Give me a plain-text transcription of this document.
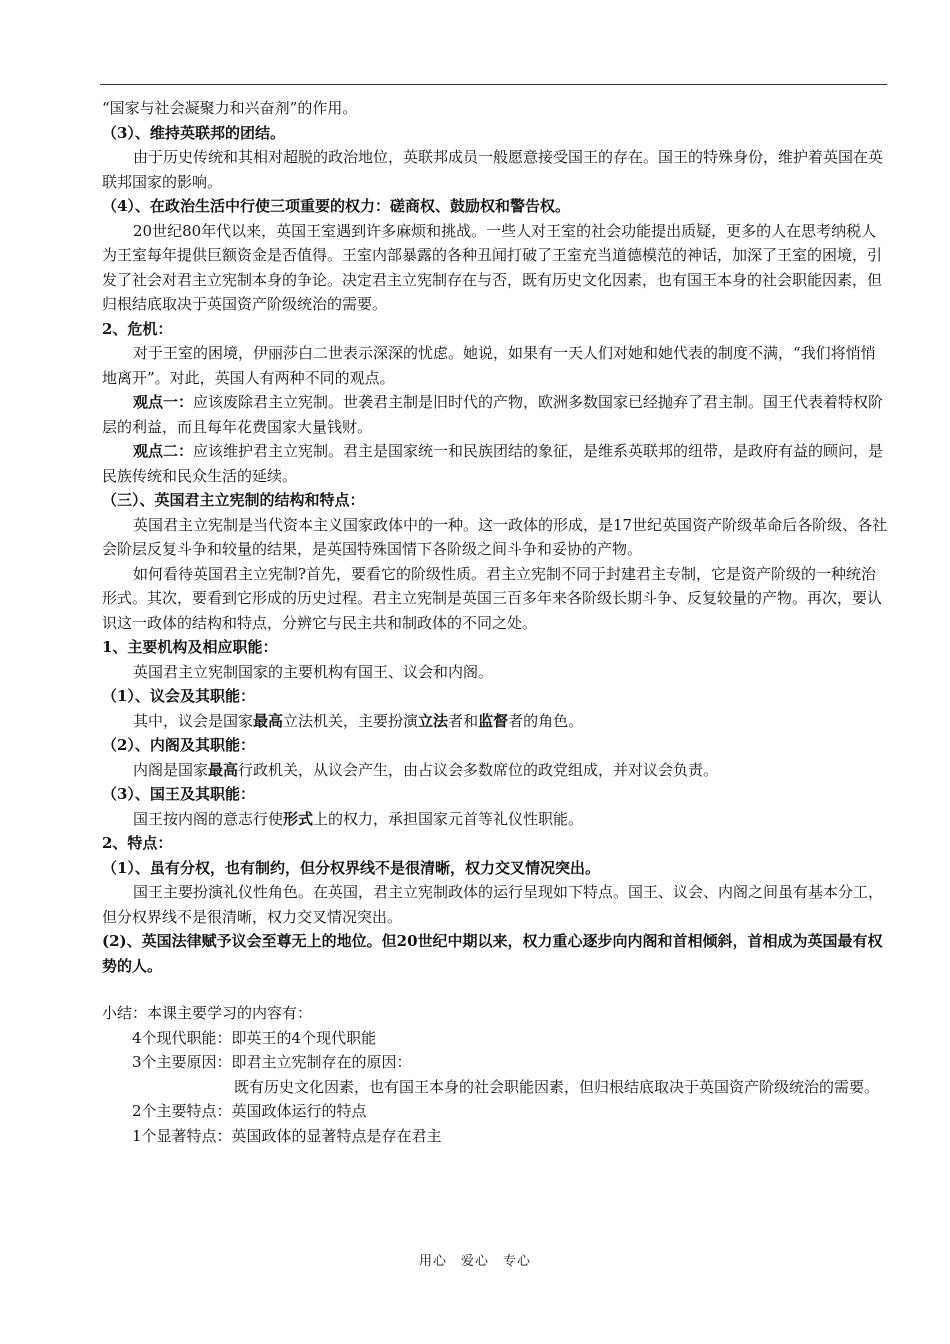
“国家与社会凝聚力和兴奋剂”的作用。
（3）、维持英联邦的团结。
由于历史传统和其相对超脱的政治地位，英联邦成员一般愿意接受国王的存在。国王的特殊身份，维护着英国在英联邦国家的影响。
（4）、在政治生活中行使三项重要的权力：磋商权、鼓励权和警告权。
20世纪80年代以来，英国王室遇到许多麻烦和挑战。一些人对王室的社会功能提出质疑，更多的人在思考纳税人为王室每年提供巨额资金是否值得。王室内部暴露的各种丑闻打破了王室充当道德模范的神话，加深了王室的困境，引发了社会对君主立宪制本身的争论。决定君主立宪制存在与否，既有历史文化因素，也有国王本身的社会职能因素，但归根结底取决于英国资产阶级统治的需要。
2、危机：
对于王室的困境，伊丽莎白二世表示深深的忧虑。她说，如果有一天人们对她和她代表的制度不满，“我们将悄悄地离开”。对此，英国人有两种不同的观点。
观点一：应该废除君主立宪制。世袭君主制是旧时代的产物，欧洲多数国家已经抛弃了君主制。国王代表着特权阶层的利益，而且每年花费国家大量钱财。
观点二：应该维护君主立宪制。君主是国家统一和民族团结的象征，是维系英联邦的纽带，是政府有益的顾问，是民族传统和民众生活的延续。
（三）、英国君主立宪制的结构和特点：
英国君主立宪制是当代资本主义国家政体中的一种。这一政体的形成，是17世纪英国资产阶级革命后各阶级、各社会阶层反复斗争和较量的结果，是英国特殊国情下各阶级之间斗争和妥协的产物。
如何看待英国君主立宪制?首先，要看它的阶级性质。君主立宪制不同于封建君主专制，它是资产阶级的一种统治形式。其次，要看到它形成的历史过程。君主立宪制是英国三百多年来各阶级长期斗争、反复较量的产物。再次，要认识这一政体的结构和特点，分辨它与民主共和制政体的不同之处。
1、主要机构及相应职能：
英国君主立宪制国家的主要机构有国王、议会和内阁。
（1）、议会及其职能：
其中，议会是国家最高立法机关，主要扮演立法者和监督者的角色。
（2）、内阁及其职能：
内阁是国家最高行政机关，从议会产生，由占议会多数席位的政党组成，并对议会负责。
（3）、国王及其职能：
国王按内阁的意志行使形式上的权力，承担国家元首等礼仪性职能。
2、特点：
（1）、虽有分权，也有制约，但分权界线不是很清晰，权力交叉情况突出。
国王主要扮演礼仪性角色。在英国，君主立宪制政体的运行呈现如下特点。国王、议会、内阁之间虽有基本分工，但分权界线不是很清晰，权力交叉情况突出。
(2)、英国法律赋予议会至尊无上的地位。但20世纪中期以来，权力重心逐步向内阁和首相倾斜，首相成为英国最有权势的人。
小结：本课主要学习的内容有：
4个现代职能：即英王的4个现代职能
3个主要原因：即君主立宪制存在的原因：
既有历史文化因素，也有国王本身的社会职能因素，但归根结底取决于英国资产阶级统治的需要。
2个主要特点：英国政体运行的特点
1个显著特点：英国政体的显著特点是存在君主
用心　爱心　专心
